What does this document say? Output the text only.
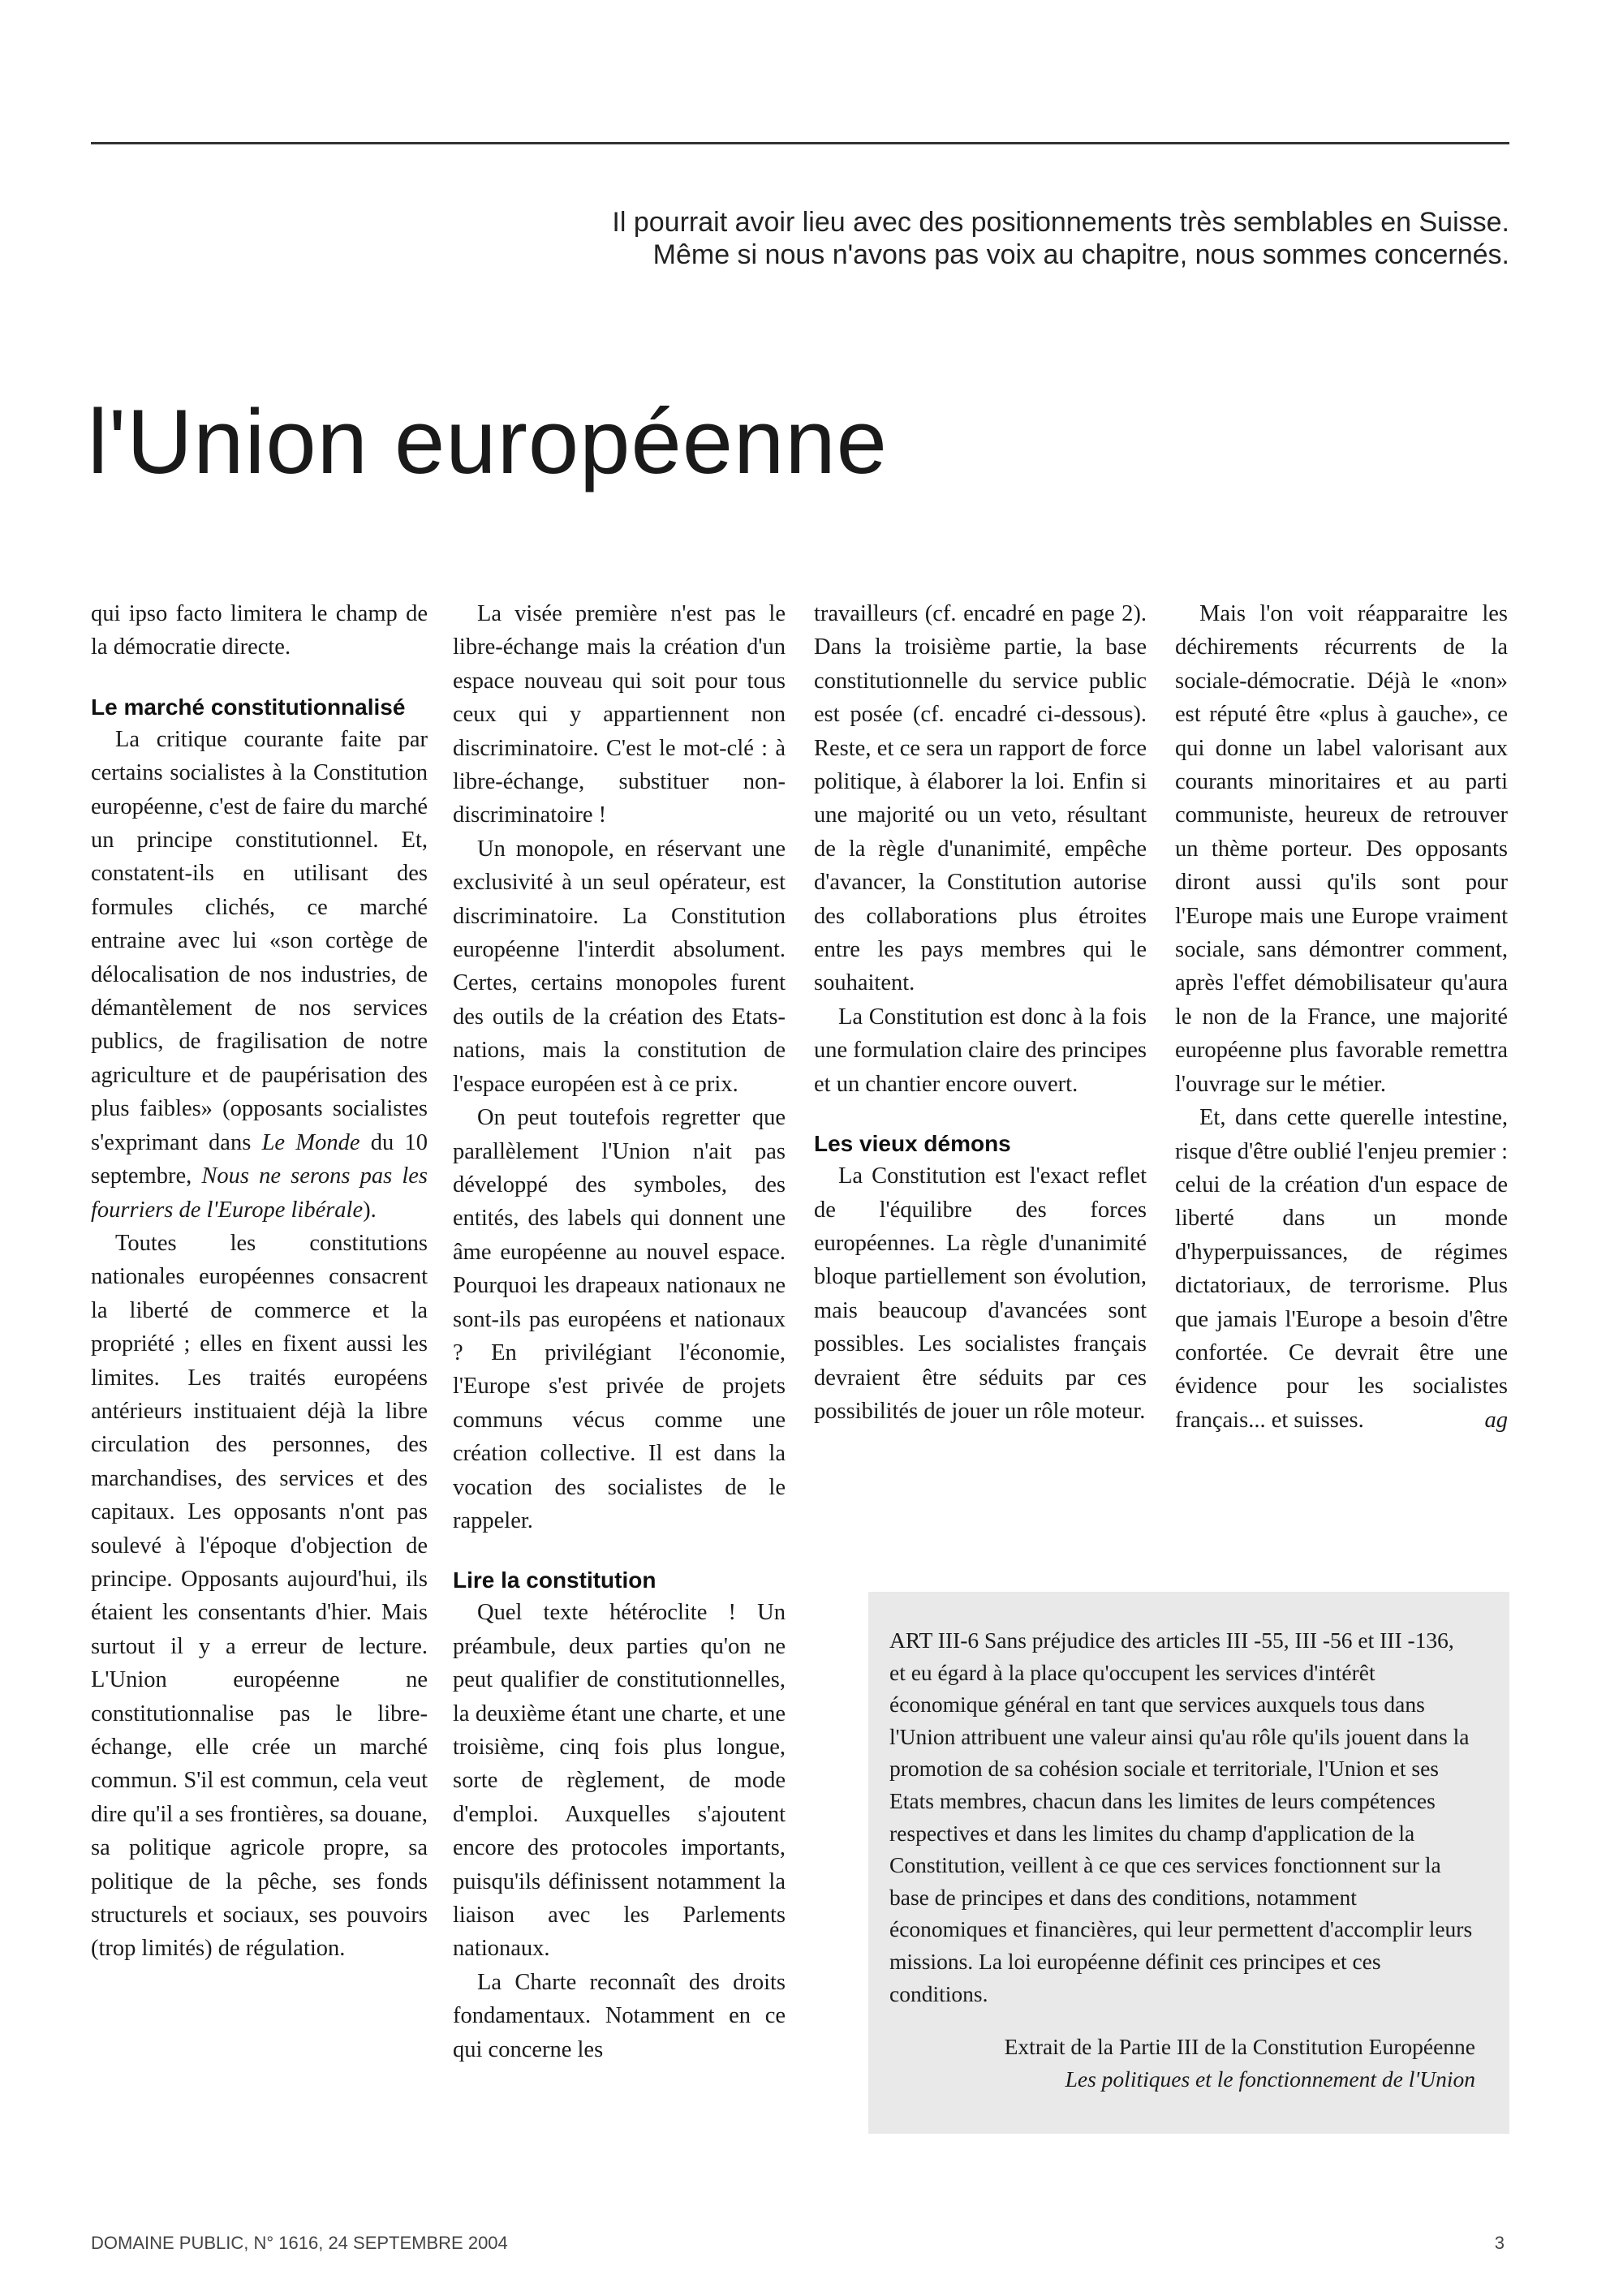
Il pourrait avoir lieu avec des positionnements très semblables en Suisse.

Même si nous n'avons pas voix au chapitre, nous sommes concernés.

l'Union européenne

qui ipso facto limitera le champ de la démocratie directe.

Le marché constitutionnalisé

La critique courante faite par certains socialistes à la Constitution européenne, c'est de faire du marché un principe constitutionnel. Et, constatent-ils en utilisant des formules clichés, ce marché entraine avec lui «son cortège de délocalisation de nos industries, de démantèlement de nos services publics, de fragilisation de notre agriculture et de paupérisation des plus faibles» (opposants socialistes s'exprimant dans Le Monde du 10 septembre, Nous ne serons pas les fourriers de l'Europe libérale).

Toutes les constitutions nationales européennes consacrent la liberté de commerce et la propriété ; elles en fixent aussi les limites. Les traités européens antérieurs instituaient déjà la libre circulation des personnes, des marchandises, des services et des capitaux. Les opposants n'ont pas soulevé à l'époque d'objection de principe. Opposants aujourd'hui, ils étaient les consentants d'hier. Mais surtout il y a erreur de lecture. L'Union européenne ne constitutionnalise pas le libre-échange, elle crée un marché commun. S'il est commun, cela veut dire qu'il a ses frontières, sa douane, sa politique agricole propre, sa politique de la pêche, ses fonds structurels et sociaux, ses pouvoirs (trop limités) de régulation.

La visée première n'est pas le libre-échange mais la création d'un espace nouveau qui soit pour tous ceux qui y appartiennent non discriminatoire. C'est le mot-clé : à libre-échange, substituer non-discriminatoire !

Un monopole, en réservant une exclusivité à un seul opérateur, est discriminatoire. La Constitution européenne l'interdit absolument. Certes, certains monopoles furent des outils de la création des Etats-nations, mais la constitution de l'espace européen est à ce prix.

On peut toutefois regretter que parallèlement l'Union n'ait pas développé des symboles, des entités, des labels qui donnent une âme européenne au nouvel espace. Pourquoi les drapeaux nationaux ne sont-ils pas européens et nationaux ? En privilégiant l'économie, l'Europe s'est privée de projets communs vécus comme une création collective. Il est dans la vocation des socialistes de le rappeler.

Lire la constitution

Quel texte hétéroclite ! Un préambule, deux parties qu'on ne peut qualifier de constitutionnelles, la deuxième étant une charte, et une troisième, cinq fois plus longue, sorte de règlement, de mode d'emploi. Auxquelles s'ajoutent encore des protocoles importants, puisqu'ils définissent notamment la liaison avec les Parlements nationaux.

La Charte reconnaît des droits fondamentaux. Notamment en ce qui concerne les

travailleurs (cf. encadré en page 2). Dans la troisième partie, la base constitutionnelle du service public est posée (cf. encadré ci-dessous). Reste, et ce sera un rapport de force politique, à élaborer la loi. Enfin si une majorité ou un veto, résultant de la règle d'unanimité, empêche d'avancer, la Constitution autorise des collaborations plus étroites entre les pays membres qui le souhaitent.

La Constitution est donc à la fois une formulation claire des principes et un chantier encore ouvert.

Les vieux démons

La Constitution est l'exact reflet de l'équilibre des forces européennes. La règle d'unanimité bloque partiellement son évolution, mais beaucoup d'avancées sont possibles. Les socialistes français devraient être séduits par ces possibilités de jouer un rôle moteur.

Mais l'on voit réapparaitre les déchirements récurrents de la sociale-démocratie. Déjà le «non» est réputé être «plus à gauche», ce qui donne un label valorisant aux courants minoritaires et au parti communiste, heureux de retrouver un thème porteur. Des opposants diront aussi qu'ils sont pour l'Europe mais une Europe vraiment sociale, sans démontrer comment, après l'effet démobilisateur qu'aura le non de la France, une majorité européenne plus favorable remettra l'ouvrage sur le métier.

Et, dans cette querelle intestine, risque d'être oublié l'enjeu premier : celui de la création d'un espace de liberté dans un monde d'hyperpuissances, de régimes dictatoriaux, de terrorisme. Plus que jamais l'Europe a besoin d'être confortée. Ce devrait être une évidence pour les socialistes français... et suisses.	ag

ART III-6 Sans préjudice des articles III -55, III -56 et III -136, et eu égard à la place qu'occupent les services d'intérêt économique général en tant que services auxquels tous dans l'Union attribuent une valeur ainsi qu'au rôle qu'ils jouent dans la promotion de sa cohésion sociale et territoriale, l'Union et ses Etats membres, chacun dans les limites de leurs compétences respectives et dans les limites du champ d'application de la Constitution, veillent à ce que ces services fonctionnent sur la base de principes et dans des conditions, notamment économiques et financières, qui leur permettent d'accomplir leurs missions. La loi européenne définit ces principes et ces conditions.

Extrait de la Partie III de la Constitution Européenne
Les politiques et le fonctionnement de l'Union

DOMAINE PUBLIC, N° 1616, 24 SEPTEMBRE 2004	3
